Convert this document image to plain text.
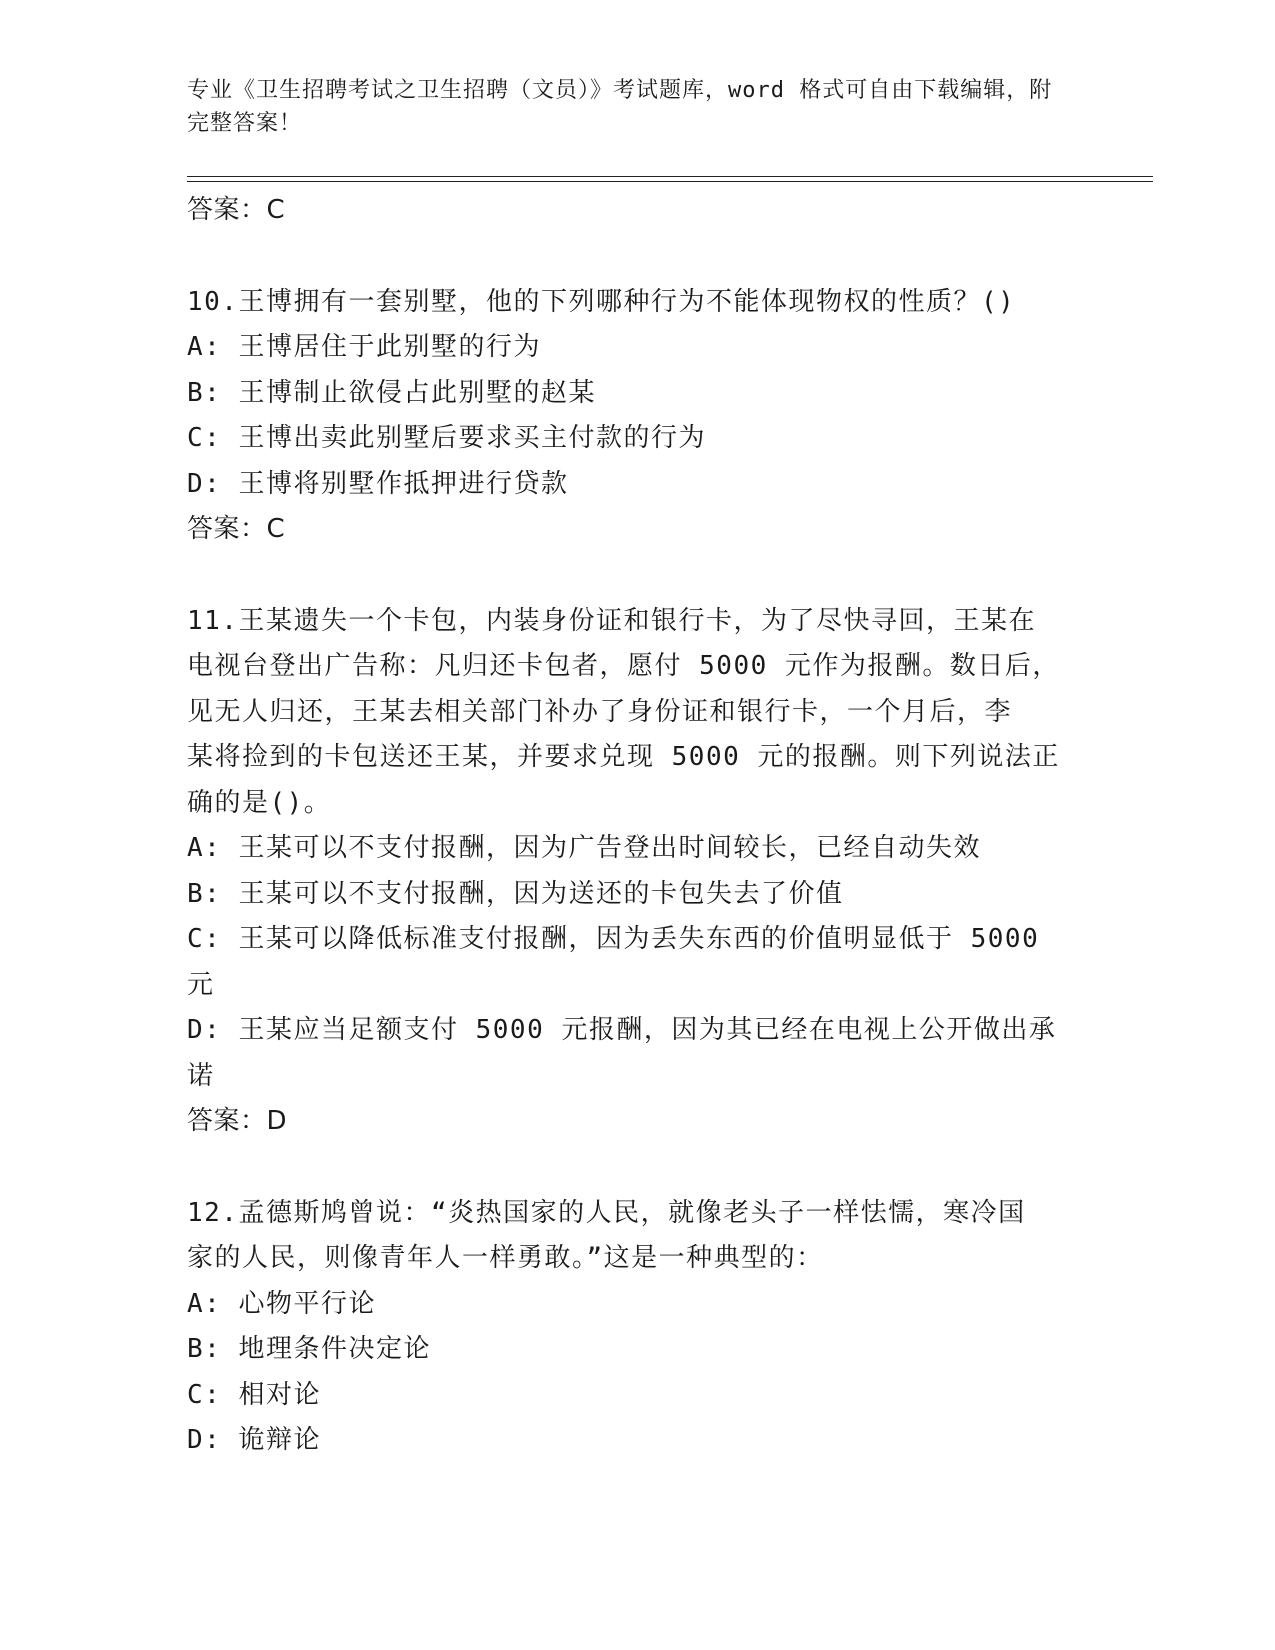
专业《卫生招聘考试之卫生招聘（文员）》考试题库，word 格式可自由下载编辑，附完整答案！

答案：C

10.王博拥有一套别墅，他的下列哪种行为不能体现物权的性质？()

A: 王博居住于此别墅的行为

B: 王博制止欲侵占此别墅的赵某

C: 王博出卖此别墅后要求买主付款的行为

D: 王博将别墅作抵押进行贷款

答案：C

11.王某遗失一个卡包，内装身份证和银行卡，为了尽快寻回，王某在

电视台登出广告称：凡归还卡包者，愿付 5000 元作为报酬。数日后，

见无人归还，王某去相关部门补办了身份证和银行卡，一个月后，李

某将捡到的卡包送还王某，并要求兑现 5000 元的报酬。则下列说法正

确的是()。

A: 王某可以不支付报酬，因为广告登出时间较长，已经自动失效

B: 王某可以不支付报酬，因为送还的卡包失去了价值

C: 王某可以降低标准支付报酬，因为丢失东西的价值明显低于 5000

元

D: 王某应当足额支付 5000 元报酬，因为其已经在电视上公开做出承

诺

答案：D

12.孟德斯鸠曾说：“炎热国家的人民，就像老头子一样怯懦，寒冷国

家的人民，则像青年人一样勇敢。”这是一种典型的：

A: 心物平行论

B: 地理条件决定论

C: 相对论

D: 诡辩论
